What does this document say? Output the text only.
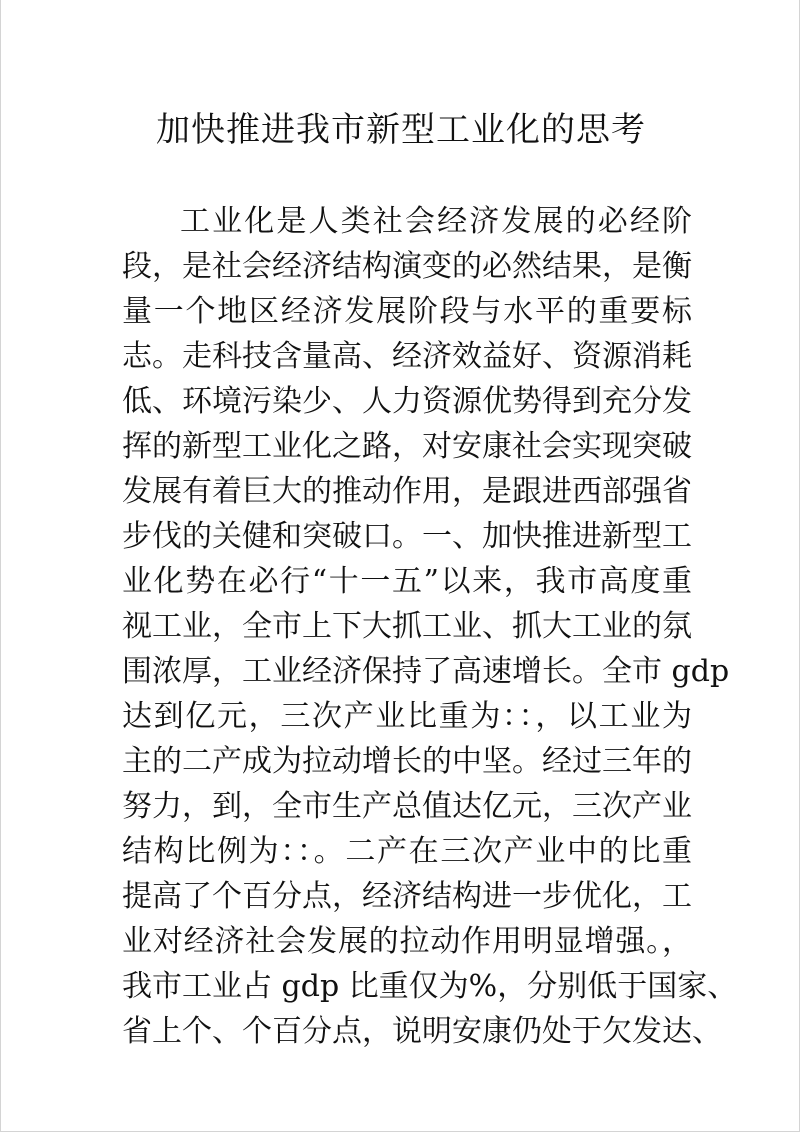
加快推进我市新型工业化的思考
工业化是人类社会经济发展的必经阶
段，是社会经济结构演变的必然结果，是衡
量一个地区经济发展阶段与水平的重要标
志。走科技含量高、经济效益好、资源消耗
低、环境污染少、人力资源优势得到充分发
挥的新型工业化之路，对安康社会实现突破
发展有着巨大的推动作用，是跟进西部强省
步伐的关健和突破口。一、加快推进新型工
业化势在必行“十一五”以来，我市高度重
视工业，全市上下大抓工业、抓大工业的氛
围浓厚，工业经济保持了高速增长。全市 gdp
达到亿元，三次产业比重为：：，以工业为
主的二产成为拉动增长的中坚。经过三年的
努力，到，全市生产总值达亿元，三次产业
结构比例为：：。二产在三次产业中的比重
提高了个百分点，经济结构进一步优化，工
业对经济社会发展的拉动作用明显增强。，
我市工业占 gdp 比重仅为%，分别低于国家、
省上个、个百分点，说明安康仍处于欠发达、
